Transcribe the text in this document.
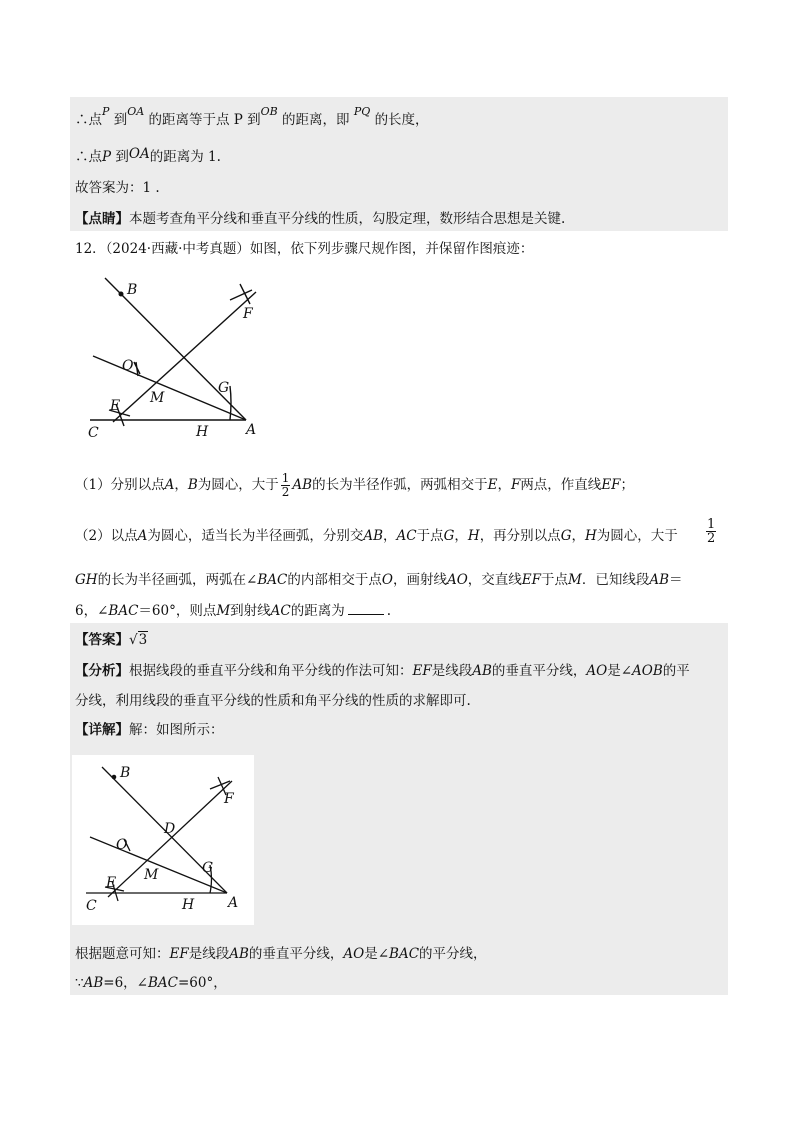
∴点$^P$ 到$^{OA}$ 的距离等于点 P 到$^{OB}$ 的距离，即 $^{PQ}$ 的长度，
∴点P 到OA的距离为 1.
故答案为：1 .
【点睛】本题考查角平分线和垂直平分线的性质，勾股定理，数形结合思想是关键.
12．（2024·西藏·中考真题）如图，依下列步骤尺规作图，并保留作图痕迹：
B
F
O
G
M
E
C	H	A
（1）分别以点A，B为圆心，大于 $\frac{1}{2}$ AB的长为半径作弧，两弧相交于E，F两点，作直线EF；
（2）以点A为圆心，适当长为半径画弧，分别交AB，AC于点G，H，再分别以点G，H为圆心，大于 $\frac{1}{2}$
GH的长为半径画弧，两弧在∠BAC的内部相交于点O，画射线AO，交直线EF于点M．已知线段AB＝
6，∠BAC＝60°，则点M到射线AC的距离为	.
【答案】√3
【分析】根据线段的垂直平分线和角平分线的作法可知：EF是线段AB的垂直平分线，AO是∠AOB的平
分线，利用线段的垂直平分线的性质和角平分线的性质的求解即可.
【详解】解：如图所示：
B
F
D
O
G
M
E
C	H A
根据题意可知：EF是线段AB的垂直平分线，AO是∠BAC的平分线，
∵AB=6，∠BAC=60°，
